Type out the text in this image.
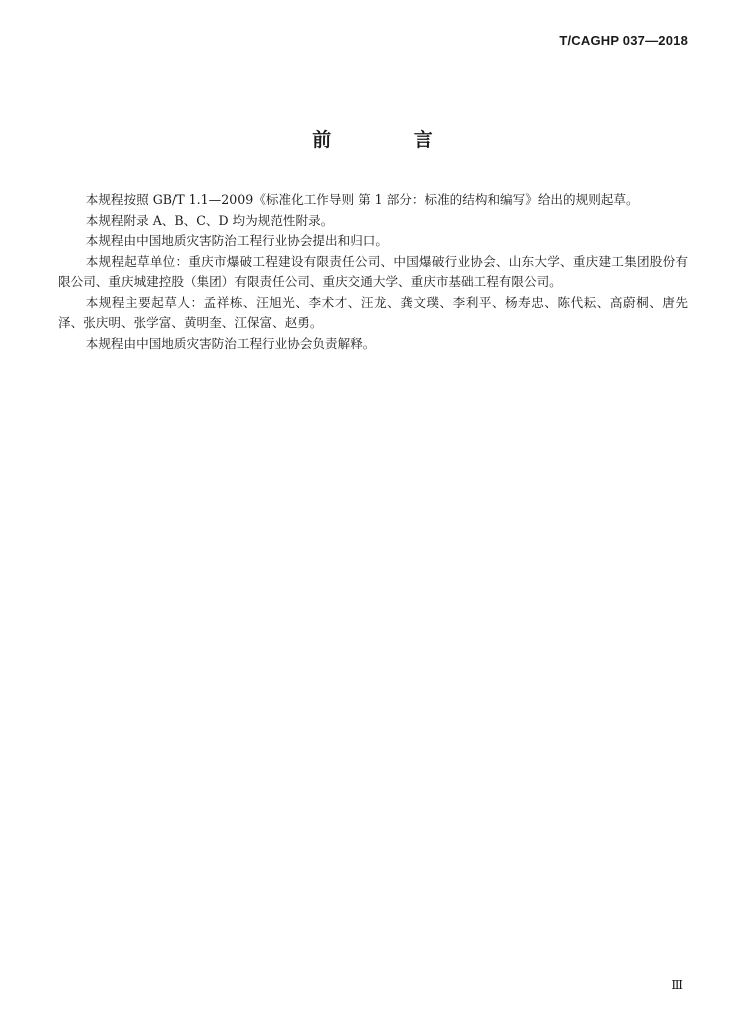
T/CAGHP 037—2018
前 言

本规程按照 GB/T 1.1—2009《标准化工作导则 第 1 部分：标准的结构和编写》给出的规则起草。

本规程附录 A、B、C、D 均为规范性附录。

本规程由中国地质灾害防治工程行业协会提出和归口。

本规程起草单位：重庆市爆破工程建设有限责任公司、中国爆破行业协会、山东大学、重庆建工集团股份有限公司、重庆城建控股（集团）有限责任公司、重庆交通大学、重庆市基础工程有限公司。

本规程主要起草人：孟祥栋、汪旭光、李术才、汪龙、龚文璞、李利平、杨寿忠、陈代耘、高蔚桐、唐先泽、张庆明、张学富、黄明奎、江保富、赵勇。

本规程由中国地质灾害防治工程行业协会负责解释。

Ⅲ
